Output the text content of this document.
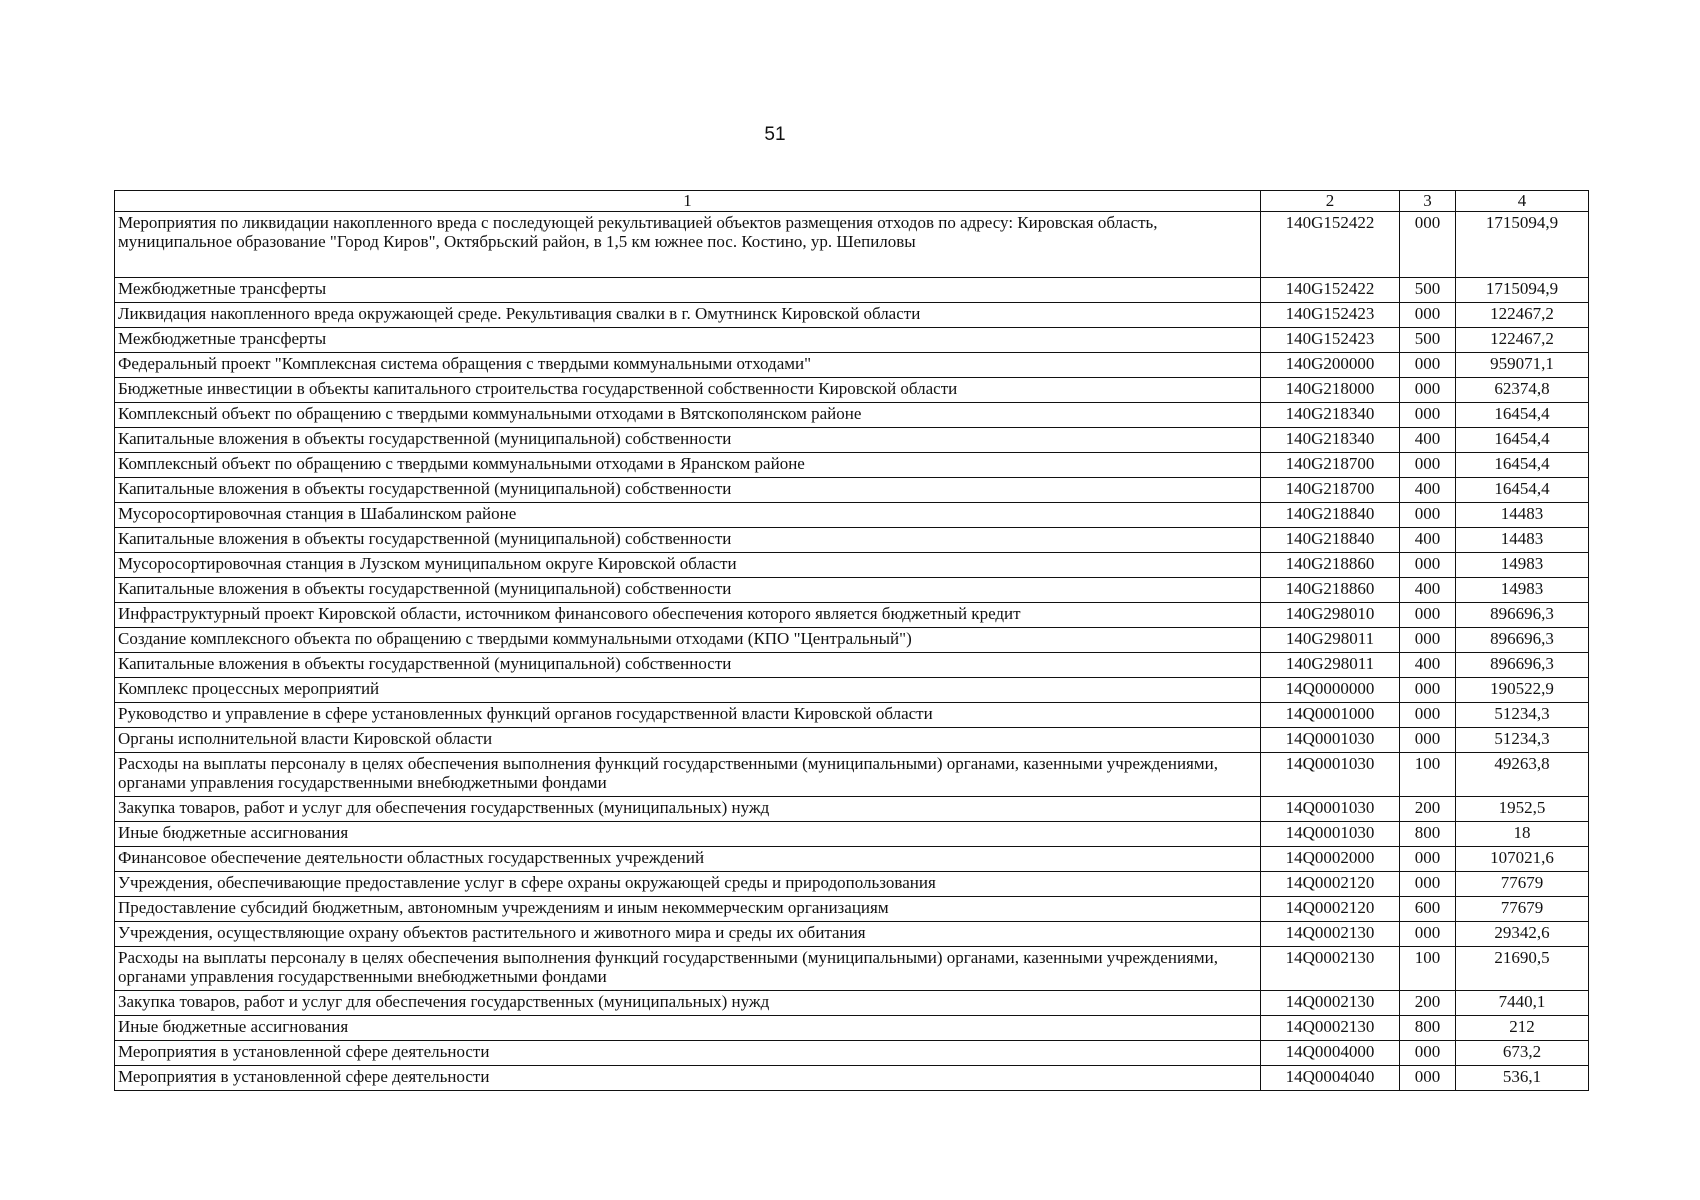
51
1	2	3	4
Мероприятия по ликвидации накопленного вреда с последующей рекультивацией объектов размещения отходов по адресу: Кировская область, муниципальное образование "Город Киров", Октябрьский район, в 1,5 км южнее пос. Костино, ур. Шепиловы	140G152422	000	1715094,9
Межбюджетные трансферты	140G152422	500	1715094,9
Ликвидация накопленного вреда окружающей среде. Рекультивация свалки в г. Омутнинск Кировской области	140G152423	000	122467,2
Межбюджетные трансферты	140G152423	500	122467,2
Федеральный проект "Комплексная система обращения с твердыми коммунальными отходами"	140G200000	000	959071,1
Бюджетные инвестиции в объекты капитального строительства государственной собственности Кировской области	140G218000	000	62374,8
Комплексный объект по обращению с твердыми коммунальными отходами в Вятскополянском районе	140G218340	000	16454,4
Капитальные вложения в объекты государственной (муниципальной) собственности	140G218340	400	16454,4
Комплексный объект по обращению с твердыми коммунальными отходами в Яранском районе	140G218700	000	16454,4
Капитальные вложения в объекты государственной (муниципальной) собственности	140G218700	400	16454,4
Мусоросортировочная станция в Шабалинском районе	140G218840	000	14483
Капитальные вложения в объекты государственной (муниципальной) собственности	140G218840	400	14483
Мусоросортировочная станция в Лузском муниципальном округе Кировской области	140G218860	000	14983
Капитальные вложения в объекты государственной (муниципальной) собственности	140G218860	400	14983
Инфраструктурный проект Кировской области, источником финансового обеспечения которого является бюджетный кредит	140G298010	000	896696,3
Создание комплексного объекта по обращению с твердыми коммунальными отходами (КПО "Центральный")	140G298011	000	896696,3
Капитальные вложения в объекты государственной (муниципальной) собственности	140G298011	400	896696,3
Комплекс процессных мероприятий	14Q0000000	000	190522,9
Руководство и управление в сфере установленных функций органов государственной власти Кировской области	14Q0001000	000	51234,3
Органы исполнительной власти Кировской области	14Q0001030	000	51234,3
Расходы на выплаты персоналу в целях обеспечения выполнения функций государственными (муниципальными) органами, казенными учреждениями, органами управления государственными внебюджетными фондами	14Q0001030	100	49263,8
Закупка товаров, работ и услуг для обеспечения государственных (муниципальных) нужд	14Q0001030	200	1952,5
Иные бюджетные ассигнования	14Q0001030	800	18
Финансовое обеспечение деятельности областных государственных учреждений	14Q0002000	000	107021,6
Учреждения, обеспечивающие предоставление услуг в сфере охраны окружающей среды и природопользования	14Q0002120	000	77679
Предоставление субсидий бюджетным, автономным учреждениям и иным некоммерческим организациям	14Q0002120	600	77679
Учреждения, осуществляющие охрану объектов растительного и животного мира и среды их обитания	14Q0002130	000	29342,6
Расходы на выплаты персоналу в целях обеспечения выполнения функций государственными (муниципальными) органами, казенными учреждениями, органами управления государственными внебюджетными фондами	14Q0002130	100	21690,5
Закупка товаров, работ и услуг для обеспечения государственных (муниципальных) нужд	14Q0002130	200	7440,1
Иные бюджетные ассигнования	14Q0002130	800	212
Мероприятия в установленной сфере деятельности	14Q0004000	000	673,2
Мероприятия в установленной сфере деятельности	14Q0004040	000	536,1
